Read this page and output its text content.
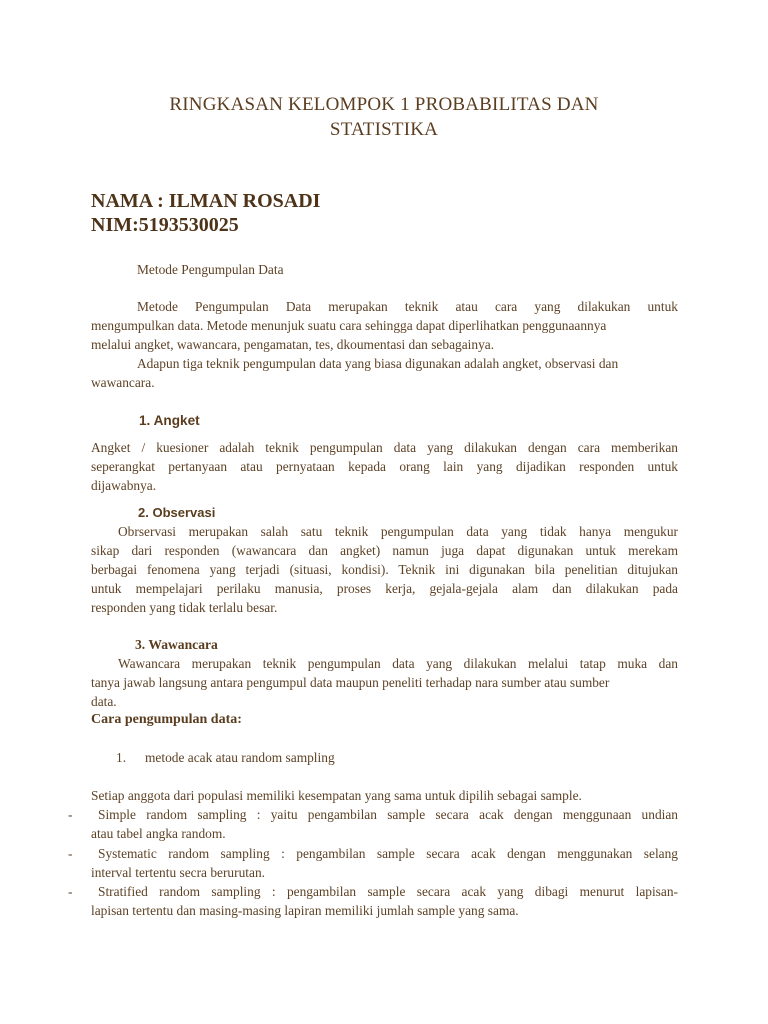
RINGKASAN KELOMPOK 1 PROBABILITAS DAN
STATISTIKA
NAMA : ILMAN ROSADI
NIM:5193530025
Metode Pengumpulan Data
Metode Pengumpulan Data merupakan teknik atau cara yang dilakukan untuk
mengumpulkan data. Metode menunjuk suatu cara sehingga dapat diperlihatkan penggunaannya
melalui angket, wawancara, pengamatan, tes, dkoumentasi dan sebagainya.
Adapun tiga teknik pengumpulan data yang biasa digunakan adalah angket, observasi dan
wawancara.
1. Angket
Angket / kuesioner adalah teknik pengumpulan data yang dilakukan dengan cara memberikan
seperangkat pertanyaan atau pernyataan kepada orang lain yang dijadikan responden untuk
dijawabnya.
2. Observasi
Obrservasi merupakan salah satu teknik pengumpulan data yang tidak hanya mengukur
sikap dari responden (wawancara dan angket) namun juga dapat digunakan untuk merekam
berbagai fenomena yang terjadi (situasi, kondisi). Teknik ini digunakan bila penelitian ditujukan
untuk mempelajari perilaku manusia, proses kerja, gejala-gejala alam dan dilakukan pada
responden yang tidak terlalu besar.
3. Wawancara
Wawancara merupakan teknik pengumpulan data yang dilakukan melalui tatap muka dan
tanya jawab langsung antara pengumpul data maupun peneliti terhadap nara sumber atau sumber
data.
Cara pengumpulan data:
1. metode acak atau random sampling
Setiap anggota dari populasi memiliki kesempatan yang sama untuk dipilih sebagai sample.
- Simple random sampling : yaitu pengambilan sample secara acak dengan menggunaan undian
atau tabel angka random.
- Systematic random sampling : pengambilan sample secara acak dengan menggunakan selang
interval tertentu secra berurutan.
- Stratified random sampling : pengambilan sample secara acak yang dibagi menurut lapisan-
lapisan tertentu dan masing-masing lapiran memiliki jumlah sample yang sama.
